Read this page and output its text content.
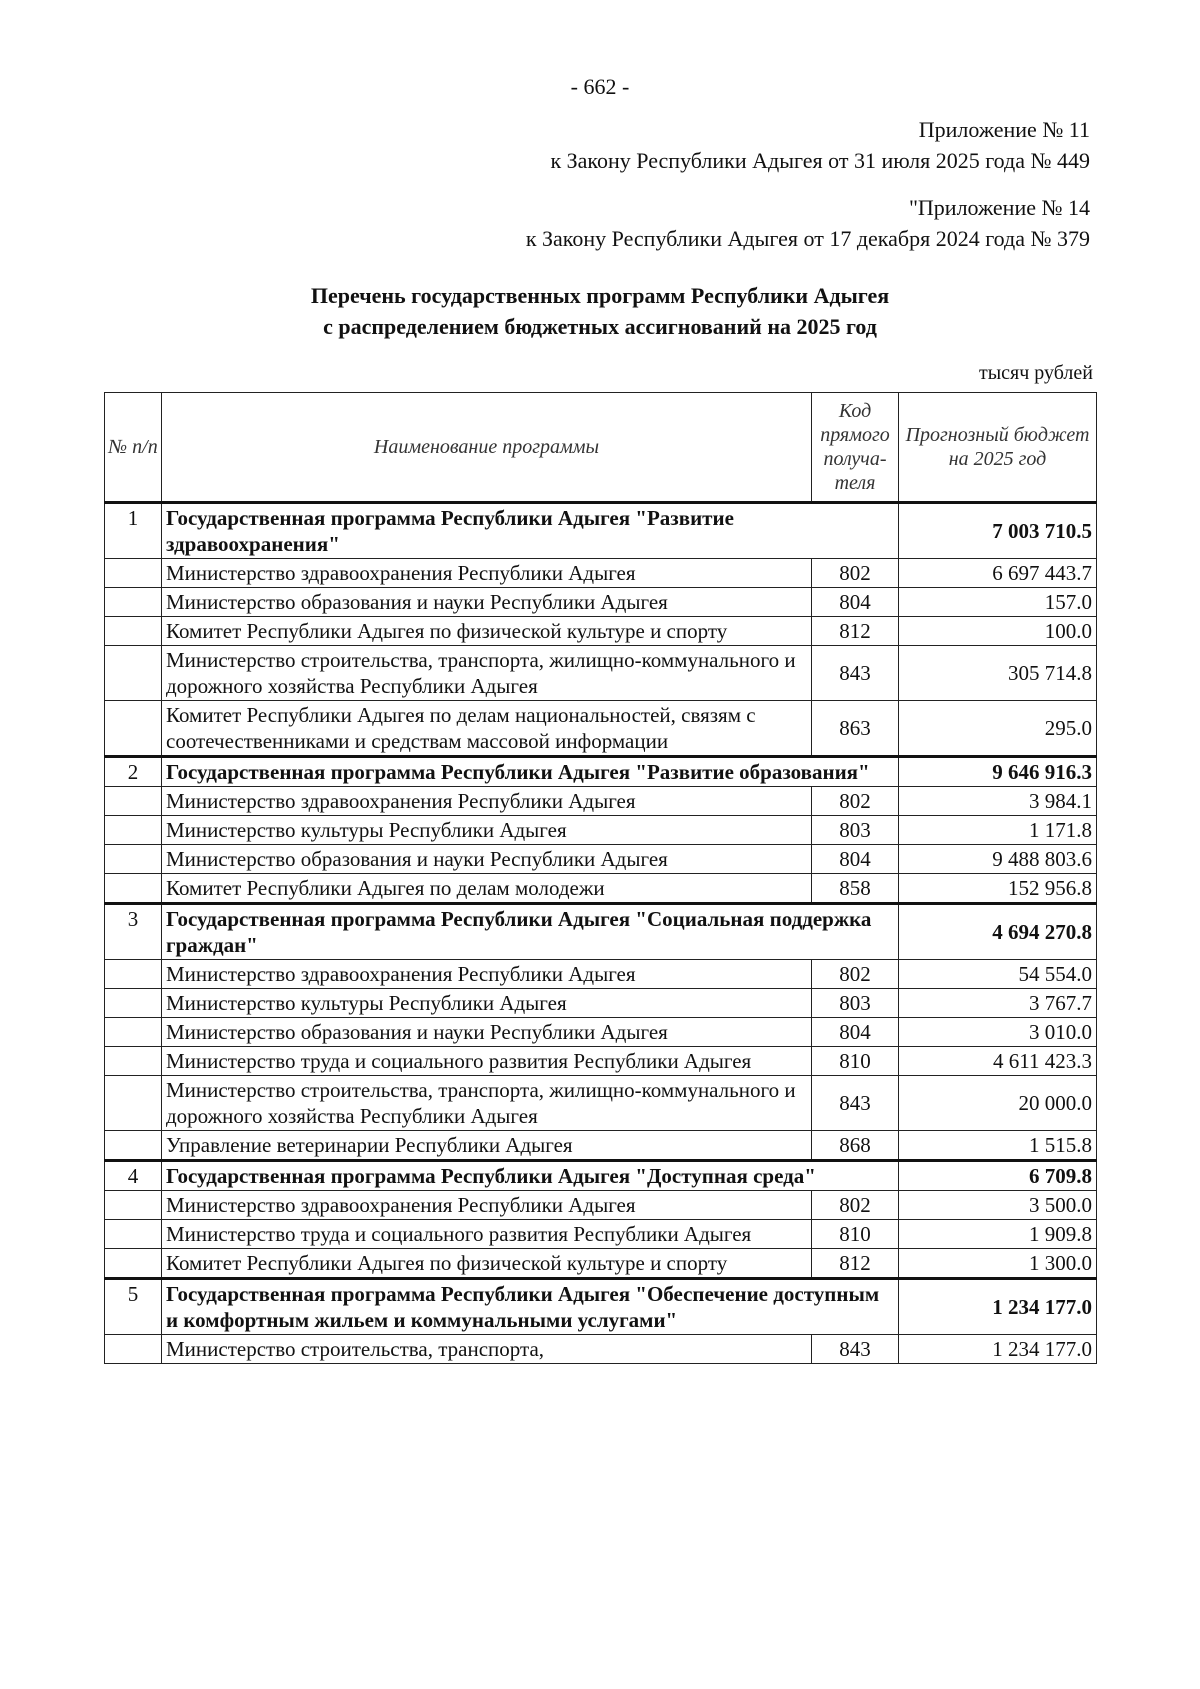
- 662 -
Приложение № 11
к Закону Республики Адыгея от 31 июля 2025 года № 449
"Приложение № 14
к Закону Республики Адыгея от 17 декабря 2024 года № 379
Перечень государственных программ Республики Адыгея
с распределением бюджетных ассигнований на 2025 год
тысяч рублей
№ п/п	Наименование программы	Код прямого получа- теля	Прогнозный бюджет на 2025 год
1	Государственная программа Республики Адыгея "Развитие здравоохранения"		7 003 710.5
	Министерство здравоохранения Республики Адыгея	802	6 697 443.7
	Министерство образования и науки Республики Адыгея	804	157.0
	Комитет Республики Адыгея по физической культуре и спорту	812	100.0
	Министерство строительства, транспорта, жилищно-коммунального и дорожного хозяйства Республики Адыгея	843	305 714.8
	Комитет Республики Адыгея по делам национальностей, связям с соотечественниками и средствам массовой информации	863	295.0
2	Государственная программа Республики Адыгея "Развитие образования"		9 646 916.3
	Министерство здравоохранения Республики Адыгея	802	3 984.1
	Министерство культуры Республики Адыгея	803	1 171.8
	Министерство образования и науки Республики Адыгея	804	9 488 803.6
	Комитет Республики Адыгея по делам молодежи	858	152 956.8
3	Государственная программа Республики Адыгея "Социальная поддержка граждан"		4 694 270.8
	Министерство здравоохранения Республики Адыгея	802	54 554.0
	Министерство культуры Республики Адыгея	803	3 767.7
	Министерство образования и науки Республики Адыгея	804	3 010.0
	Министерство труда и социального развития Республики Адыгея	810	4 611 423.3
	Министерство строительства, транспорта, жилищно-коммунального и дорожного хозяйства Республики Адыгея	843	20 000.0
	Управление ветеринарии Республики Адыгея	868	1 515.8
4	Государственная программа Республики Адыгея "Доступная среда"		6 709.8
	Министерство здравоохранения Республики Адыгея	802	3 500.0
	Министерство труда и социального развития Республики Адыгея	810	1 909.8
	Комитет Республики Адыгея по физической культуре и спорту	812	1 300.0
5	Государственная программа Республики Адыгея "Обеспечение доступным и комфортным жильем и коммунальными услугами"		1 234 177.0
	Министерство строительства, транспорта,	843	1 234 177.0
